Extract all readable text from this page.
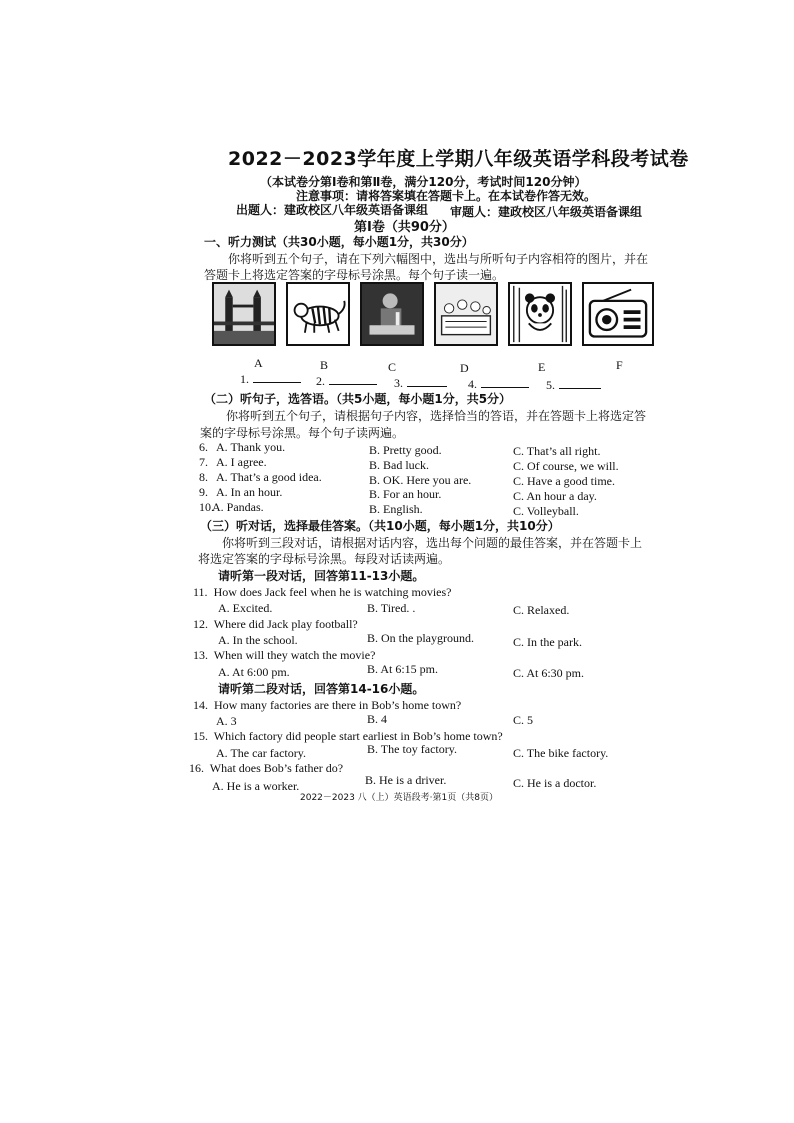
2022－2023学年度上学期八年级英语学科段考试卷
（本试卷分第Ⅰ卷和第Ⅱ卷，满分120分，考试时间120分钟）
注意事项：请将答案填在答题卡上。在本试卷作答无效。
出题人：建政校区八年级英语备课组 审题人：建政校区八年级英语备课组
第Ⅰ卷（共90分）
一、听力测试（共30小题，每小题1分，共30分）
你将听到五个句子，请在下列六幅图中，选出与所听句子内容相符的图片，并在
答题卡上将选定答案的字母标号涂黑。每个句子读一遍。
A	B	C	D	E	F
1.	2.	3.	4.	5.
（二）听句子，选答语。（共5小题，每小题1分，共5分）
你将听到五个句子，请根据句子内容，选择恰当的答语，并在答题卡上将选定答
案的字母标号涂黑。每个句子读两遍。
6. A. Thank you.	B. Pretty good.	C. That’s all right.
7. A. I agree.	B. Bad luck.	C. Of course, we will.
8. A. That’s a good idea.	B. OK. Here you are.	C. Have a good time.
9. A. In an hour.	B. For an hour.	C. An hour a day.
10.
A. Pandas.	B. English.	C. Volleyball.
（三）听对话，选择最佳答案。（共10小题，每小题1分，共10分）
你将听到三段对话，请根据对话内容，选出每个问题的最佳答案，并在答题卡上
将选定答案的字母标号涂黑。每段对话读两遍。
请听第一段对话，回答第11-13小题。
11. How does Jack feel when he is watching movies?
A. Excited.	B. Tired. .	C. Relaxed.
12. Where did Jack play football?
A. In the school.	B. On the playground.	C. In the park.
13. When will they watch the movie?
A. At 6:00 pm.	B. At 6:15 pm.	C. At 6:30 pm.
请听第二段对话，回答第14-16小题。
14. How many factories are there in Bob’s home town?
A. 3	B. 4	C. 5
15. Which factory did people start earliest in Bob’s home town?
A. The car factory.	B. The toy factory.	C. The bike factory.
16. What does Bob’s father do?
A. He is a worker.	B. He is a driver.	C. He is a doctor.
2022－2023 八（上）英语段考·第1页（共8页）
